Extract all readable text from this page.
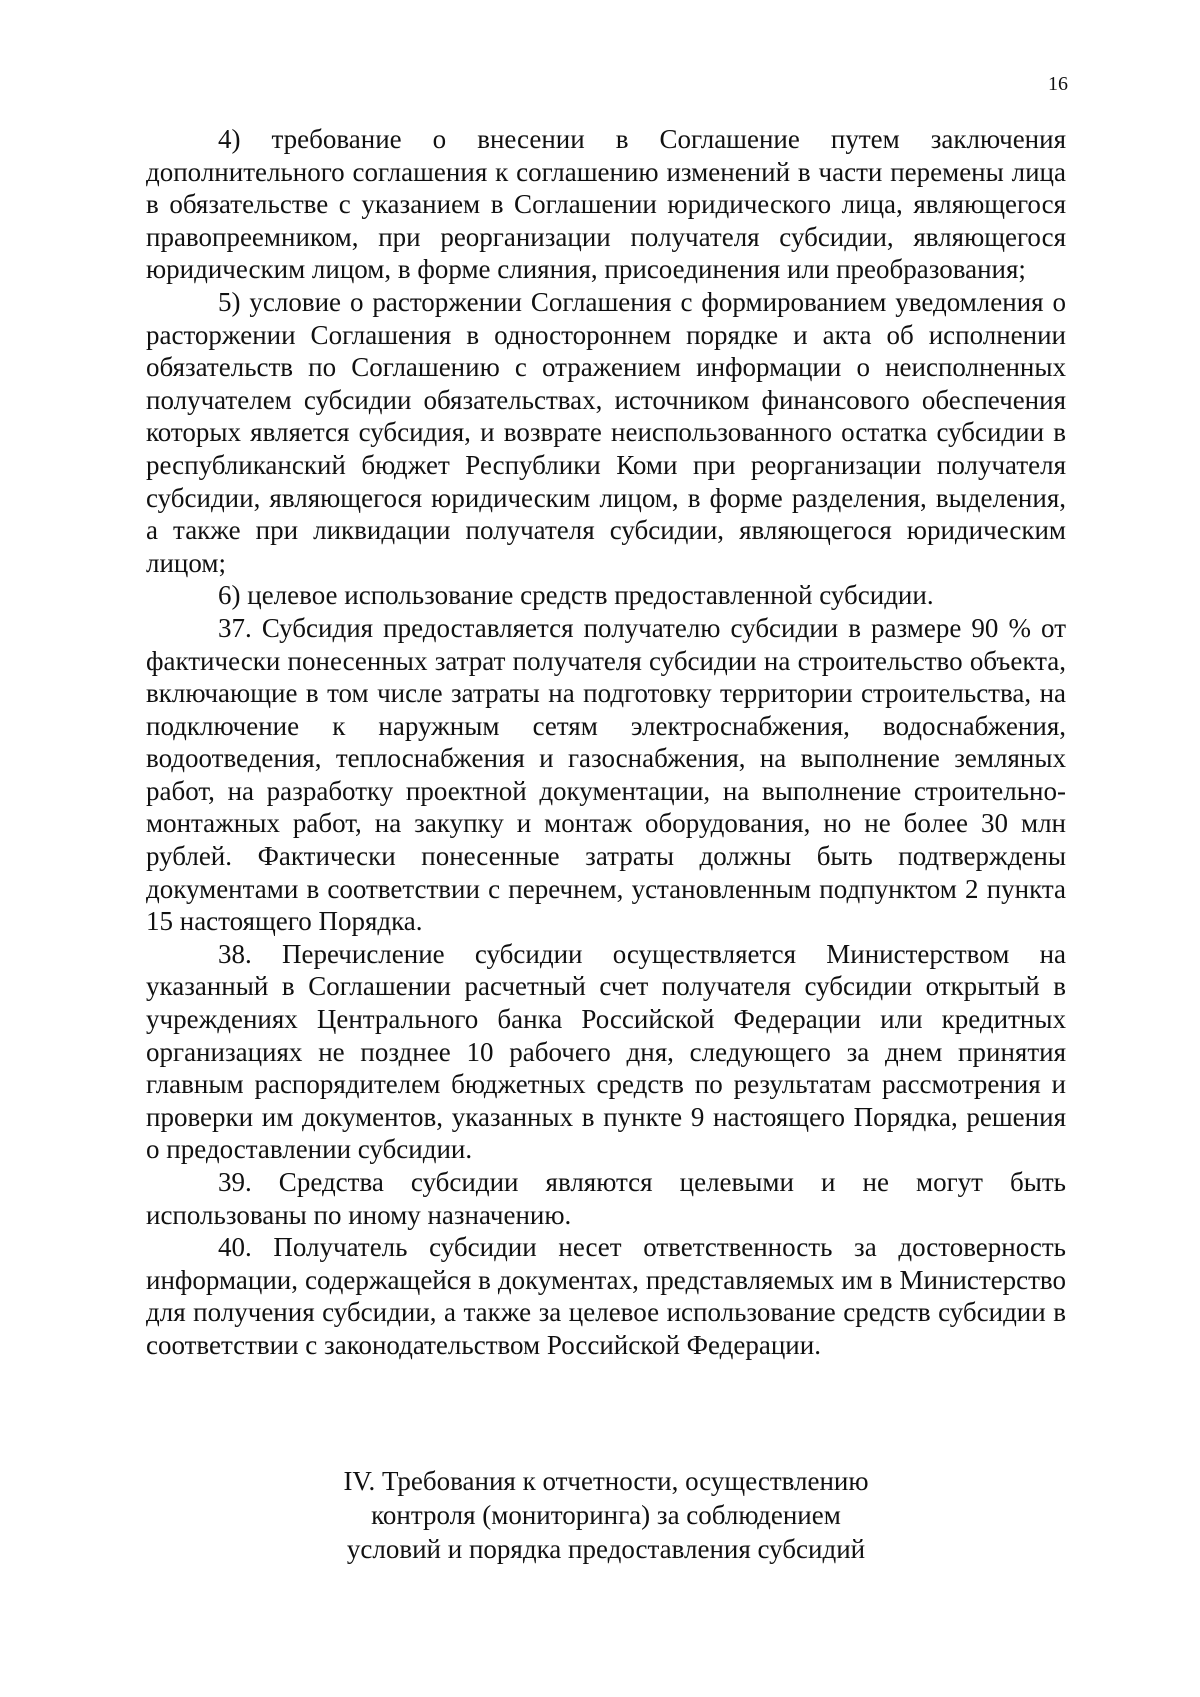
16

4) требование о внесении в Соглашение путем заключения дополнительного соглашения к соглашению изменений в части перемены лица в обязательстве с указанием в Соглашении юридического лица, являющегося правопреемником, при реорганизации получателя субсидии, являющегося юридическим лицом, в форме слияния, присоединения или преобразования;

5) условие о расторжении Соглашения с формированием уведомления о расторжении Соглашения в одностороннем порядке и акта об исполнении обязательств по Соглашению с отражением информации о неисполненных получателем субсидии обязательствах, источником финансового обеспечения которых является субсидия, и возврате неиспользованного остатка субсидии в республиканский бюджет Республики Коми при реорганизации получателя субсидии, являющегося юридическим лицом, в форме разделения, выделения, а также при ликвидации получателя субсидии, являющегося юридическим лицом;

6) целевое использование средств предоставленной субсидии.

37. Субсидия предоставляется получателю субсидии в размере 90 % от фактически понесенных затрат получателя субсидии на строительство объекта, включающие в том числе затраты на подготовку территории строительства, на подключение к наружным сетям электроснабжения, водоснабжения, водоотведения, теплоснабжения и газоснабжения, на выполнение земляных работ, на разработку проектной документации, на выполнение строительно-монтажных работ, на закупку и монтаж оборудования, но не более 30 млн рублей. Фактически понесенные затраты должны быть подтверждены документами в соответствии с перечнем, установленным подпунктом 2 пункта 15 настоящего Порядка.

38. Перечисление субсидии осуществляется Министерством на указанный в Соглашении расчетный счет получателя субсидии открытый в учреждениях Центрального банка Российской Федерации или кредитных организациях не позднее 10 рабочего дня, следующего за днем принятия главным распорядителем бюджетных средств по результатам рассмотрения и проверки им документов, указанных в пункте 9 настоящего Порядка, решения о предоставлении субсидии.

39. Средства субсидии являются целевыми и не могут быть использованы по иному назначению.

40. Получатель субсидии несет ответственность за достоверность информации, содержащейся в документах, представляемых им в Министерство для получения субсидии, а также за целевое использование средств субсидии в соответствии с законодательством Российской Федерации.

IV. Требования к отчетности, осуществлению
контроля (мониторинга) за соблюдением
условий и порядка предоставления субсидий
